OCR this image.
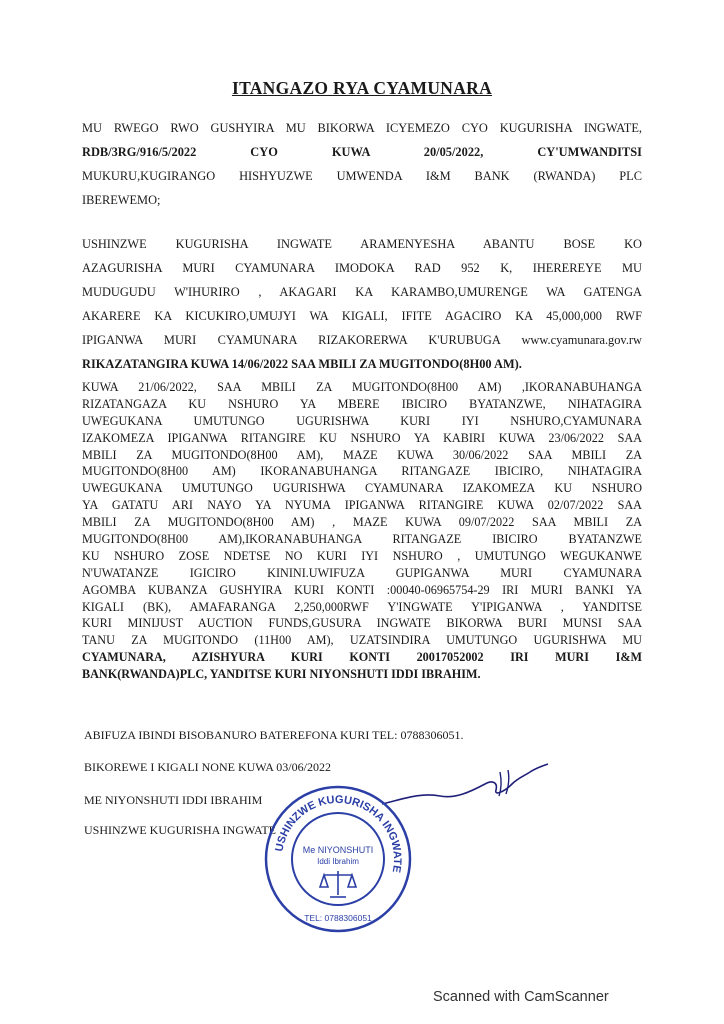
ITANGAZO RYA CYAMUNARA
MU RWEGO RWO GUSHYIRA MU BIKORWA ICYEMEZO CYO KUGURISHA INGWATE,
RDB/3RG/916/5/2022 CYO KUWA 20/05/2022, CY'UMWANDITSI
MUKURU,KUGIRANGO HISHYUZWE UMWENDA I&M BANK (RWANDA) PLC
IBEREWEMO;
USHINZWE KUGURISHA INGWATE ARAMENYESHA ABANTU BOSE KO
AZAGURISHA MURI CYAMUNARA IMODOKA RAD 952 K, IHEREREYE MU
MUDUGUDU W'IHURIRO , AKAGARI KA KARAMBO,UMURENGE WA GATENGA
AKARERE KA KICUKIRO,UMUJYI WA KIGALI, IFITE AGACIRO KA 45,000,000 RWF
IPIGANWA MURI CYAMUNARA RIZAKORERWA K'URUBUGA www.cyamunara.gov.rw
RIKAZATANGIRA KUWA 14/06/2022 SAA MBILI ZA MUGITONDO(8H00 AM).
KUWA 21/06/2022, SAA MBILI ZA MUGITONDO(8H00 AM) ,IKORANABUHANGA
RIZATANGAZA KU NSHURO YA MBERE IBICIRO BYATANZWE, NIHATAGIRA
UWEGUKANA UMUTUNGO UGURISHWA KURI IYI NSHURO,CYAMUNARA
IZAKOMEZA IPIGANWA RITANGIRE KU NSHURO YA KABIRI KUWA 23/06/2022 SAA
MBILI ZA MUGITONDO(8H00 AM), MAZE KUWA 30/06/2022 SAA MBILI ZA
MUGITONDO(8H00 AM) IKORANABUHANGA RITANGAZE IBICIRO, NIHATAGIRA
UWEGUKANA UMUTUNGO UGURISHWA CYAMUNARA IZAKOMEZA KU NSHURO
YA GATATU ARI NAYO YA NYUMA IPIGANWA RITANGIRE KUWA 02/07/2022 SAA
MBILI ZA MUGITONDO(8H00 AM) , MAZE KUWA 09/07/2022 SAA MBILI ZA
MUGITONDO(8H00 AM),IKORANABUHANGA RITANGAZE IBICIRO BYATANZWE
KU NSHURO ZOSE NDETSE NO KURI IYI NSHURO , UMUTUNGO WEGUKANWE
N'UWATANZE IGICIRO KININI.UWIFUZA GUPIGANWA MURI CYAMUNARA
AGOMBA KUBANZA GUSHYIRA KURI KONTI :00040-06965754-29 IRI MURI BANKI YA
KIGALI (BK), AMAFARANGA 2,250,000RWF Y'INGWATE Y'IPIGANWA , YANDITSE
KURI MINIJUST AUCTION FUNDS,GUSURA INGWATE BIKORWA BURI MUNSI SAA
TANU ZA MUGITONDO (11H00 AM), UZATSINDIRA UMUTUNGO UGURISHWA MU
CYAMUNARA, AZISHYURA KURI KONTI 20017052002 IRI MURI I&M
BANK(RWANDA)PLC, YANDITSE KURI NIYONSHUTI IDDI IBRAHIM.
ABIFUZA IBINDI BISOBANURO BATEREFONA KURI TEL: 0788306051.
BIKOREWE I KIGALI NONE KUWA 03/06/2022
ME NIYONSHUTI IDDI IBRAHIM
USHINZWE KUGURISHA INGWATE
USHINZWE KUGURISHA INGWATE
Me NIYONSHUTI
Iddi Ibrahim
TEL: 0788306051
Scanned with CamScanner
